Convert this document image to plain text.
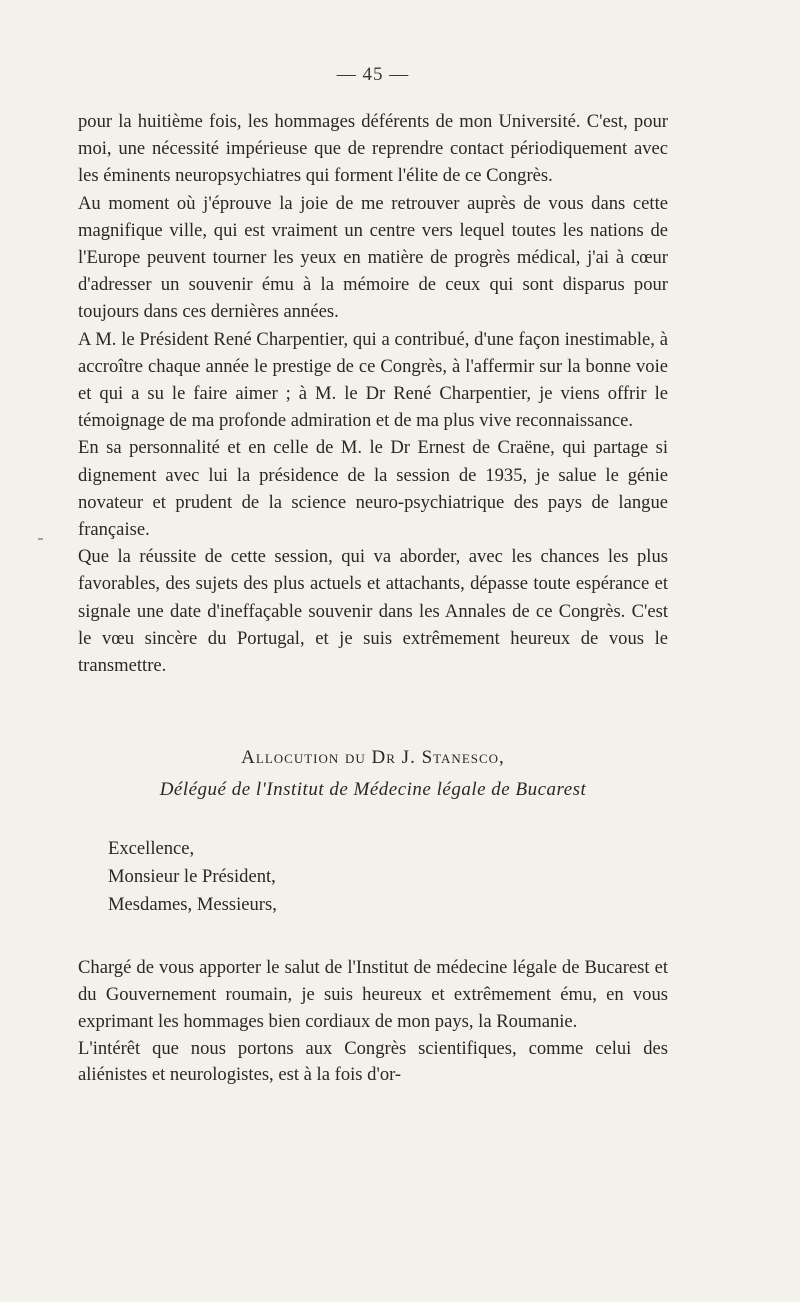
— 45 —

pour la huitième fois, les hommages déférents de mon Université. C'est, pour moi, une nécessité impérieuse que de reprendre contact périodiquement avec les éminents neuropsychiatres qui forment l'élite de ce Congrès.

Au moment où j'éprouve la joie de me retrouver auprès de vous dans cette magnifique ville, qui est vraiment un centre vers lequel toutes les nations de l'Europe peuvent tourner les yeux en matière de progrès médical, j'ai à cœur d'adresser un souvenir ému à la mémoire de ceux qui sont disparus pour toujours dans ces dernières années.

A M. le Président René Charpentier, qui a contribué, d'une façon inestimable, à accroître chaque année le prestige de ce Congrès, à l'affermir sur la bonne voie et qui a su le faire aimer ; à M. le Dr René Charpentier, je viens offrir le témoignage de ma profonde admiration et de ma plus vive reconnaissance.

En sa personnalité et en celle de M. le Dr Ernest de Craëne, qui partage si dignement avec lui la présidence de la session de 1935, je salue le génie novateur et prudent de la science neuro-psychiatrique des pays de langue française.

Que la réussite de cette session, qui va aborder, avec les chances les plus favorables, des sujets des plus actuels et attachants, dépasse toute espérance et signale une date d'ineffaçable souvenir dans les Annales de ce Congrès. C'est le vœu sincère du Portugal, et je suis extrêmement heureux de vous le transmettre.

Allocution du Dr J. Stanesco,
Délégué de l'Institut de Médecine légale de Bucarest
Excellence,
Monsieur le Président,
Mesdames, Messieurs,

Chargé de vous apporter le salut de l'Institut de médecine légale de Bucarest et du Gouvernement roumain, je suis heureux et extrêmement ému, en vous exprimant les hommages bien cordiaux de mon pays, la Roumanie.

L'intérêt que nous portons aux Congrès scientifiques, comme celui des aliénistes et neurologistes, est à la fois d'or-
